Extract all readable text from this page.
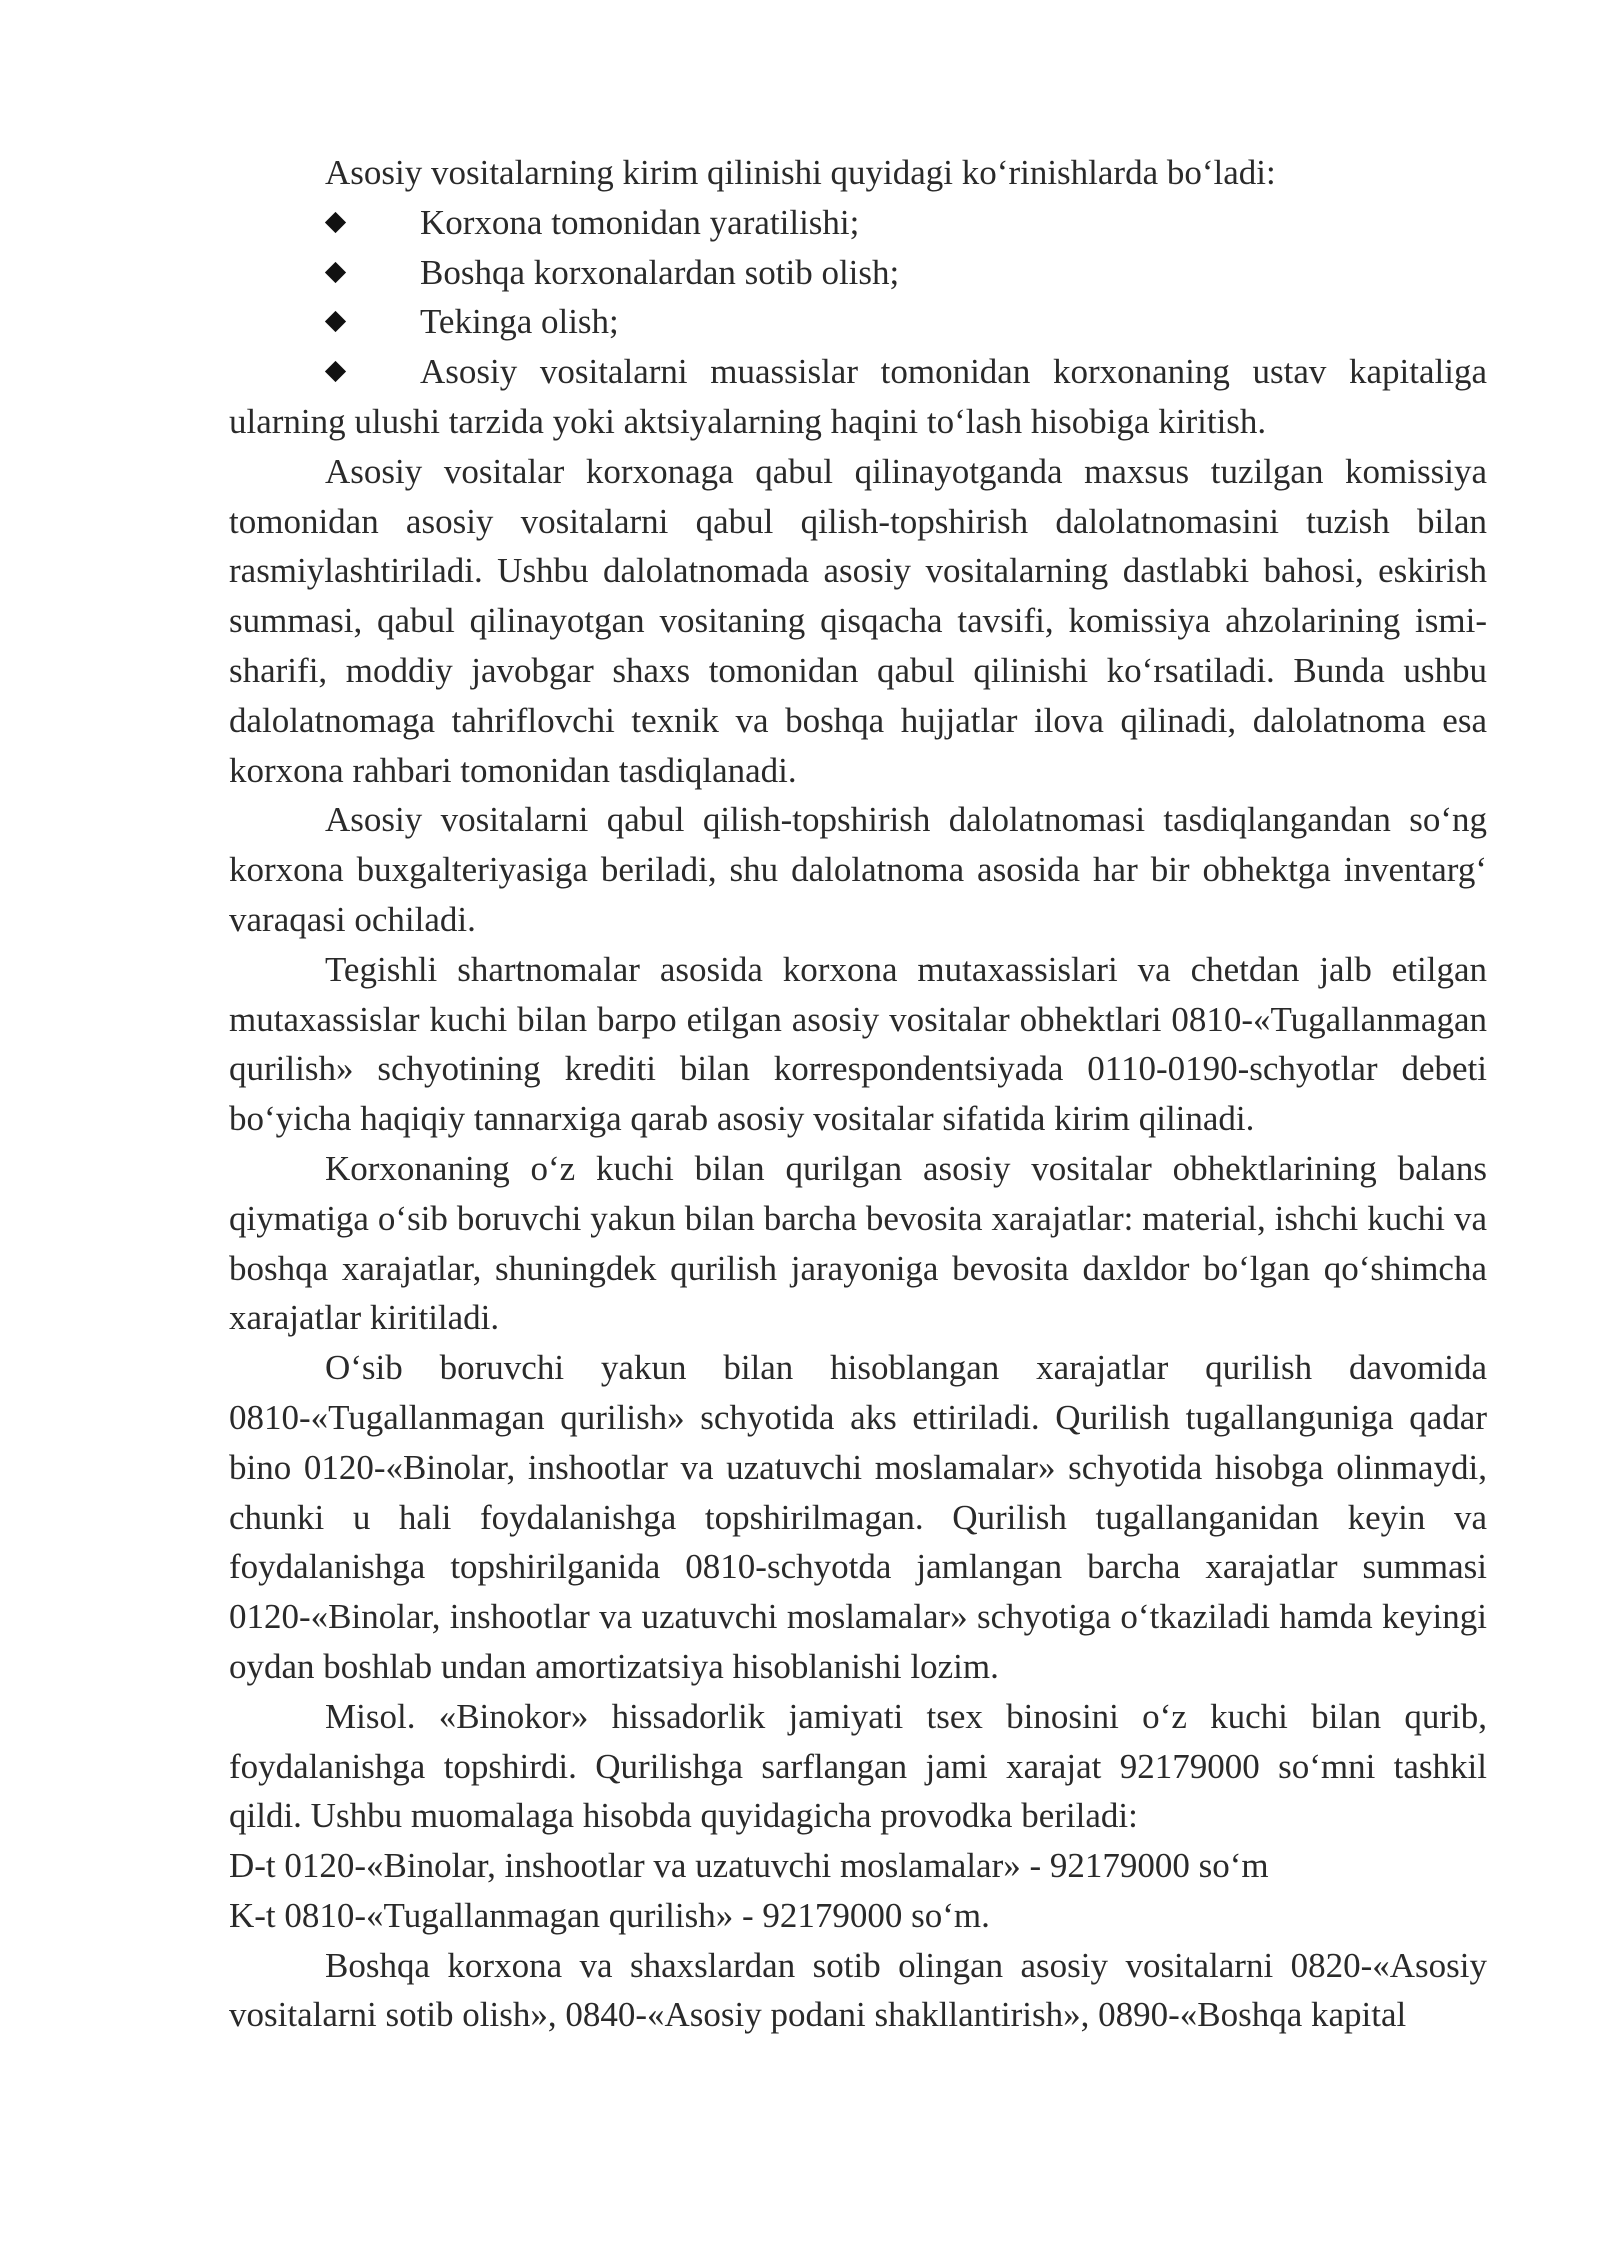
Asosiy vositalarning kirim qilinishi quyidagi ko‘rinishlarda bo‘ladi:

Korxona tomonidan yaratilishi;

Boshqa korxonalardan sotib olish;

Tekinga olish;

Asosiy vositalarni muassislar tomonidan korxonaning ustav kapitaliga ularning ulushi tarzida yoki aktsiyalarning haqini to‘lash hisobiga kiritish.

Asosiy vositalar korxonaga qabul qilinayotganda maxsus tuzilgan komissiya tomonidan asosiy vositalarni qabul qilish-topshirish dalolatnomasini tuzish bilan rasmiylashtiriladi. Ushbu dalolatnomada asosiy vositalarning dastlabki bahosi, eskirish summasi, qabul qilinayotgan vositaning qisqacha tavsifi, komissiya ahzolarining ismi-sharifi, moddiy javobgar shaxs tomonidan qabul qilinishi ko‘rsatiladi. Bunda ushbu dalolatnomaga tahriflovchi texnik va boshqa hujjatlar ilova qilinadi, dalolatnoma esa korxona rahbari tomonidan tasdiqlanadi.

Asosiy vositalarni qabul qilish-topshirish dalolatnomasi tasdiqlangandan so‘ng korxona buxgalteriyasiga beriladi, shu dalolatnoma asosida har bir obhektga inventarg‘ varaqasi ochiladi.

Tegishli shartnomalar asosida korxona mutaxassislari va chetdan jalb etilgan mutaxassislar kuchi bilan barpo etilgan asosiy vositalar obhektlari 0810-«Tugallanmagan qurilish» schyotining krediti bilan korrespondentsiyada 0110-0190-schyotlar debeti bo‘yicha haqiqiy tannarxiga qarab asosiy vositalar sifatida kirim qilinadi.

Korxonaning o‘z kuchi bilan qurilgan asosiy vositalar obhektlarining balans qiymatiga o‘sib boruvchi yakun bilan barcha bevosita xarajatlar: material, ishchi kuchi va boshqa xarajatlar, shuningdek qurilish jarayoniga bevosita daxldor bo‘lgan qo‘shimcha xarajatlar kiritiladi.

O‘sib boruvchi yakun bilan hisoblangan xarajatlar qurilish davomida 0810-«Tugallanmagan qurilish» schyotida aks ettiriladi. Qurilish tugallanguniga qadar bino 0120-«Binolar, inshootlar va uzatuvchi moslamalar» schyotida hisobga olinmaydi, chunki u hali foydalanishga topshirilmagan. Qurilish tugallanganidan keyin va foydalanishga topshirilganida 0810-schyotda jamlangan barcha xarajatlar summasi 0120-«Binolar, inshootlar va uzatuvchi moslamalar» schyotiga o‘tkaziladi hamda keyingi oydan boshlab undan amortizatsiya hisoblanishi lozim.

Misol. «Binokor» hissadorlik jamiyati tsex binosini o‘z kuchi bilan qurib, foydalanishga topshirdi. Qurilishga sarflangan jami xarajat 92179000 so‘mni tashkil qildi. Ushbu muomalaga hisobda quyidagicha provodka beriladi:

D-t 0120-«Binolar, inshootlar va uzatuvchi moslamalar» - 92179000 so‘m

K-t 0810-«Tugallanmagan qurilish» - 92179000 so‘m.

Boshqa korxona va shaxslardan sotib olingan asosiy vositalarni 0820-«Asosiy vositalarni sotib olish», 0840-«Asosiy podani shakllantirish», 0890-«Boshqa kapital
